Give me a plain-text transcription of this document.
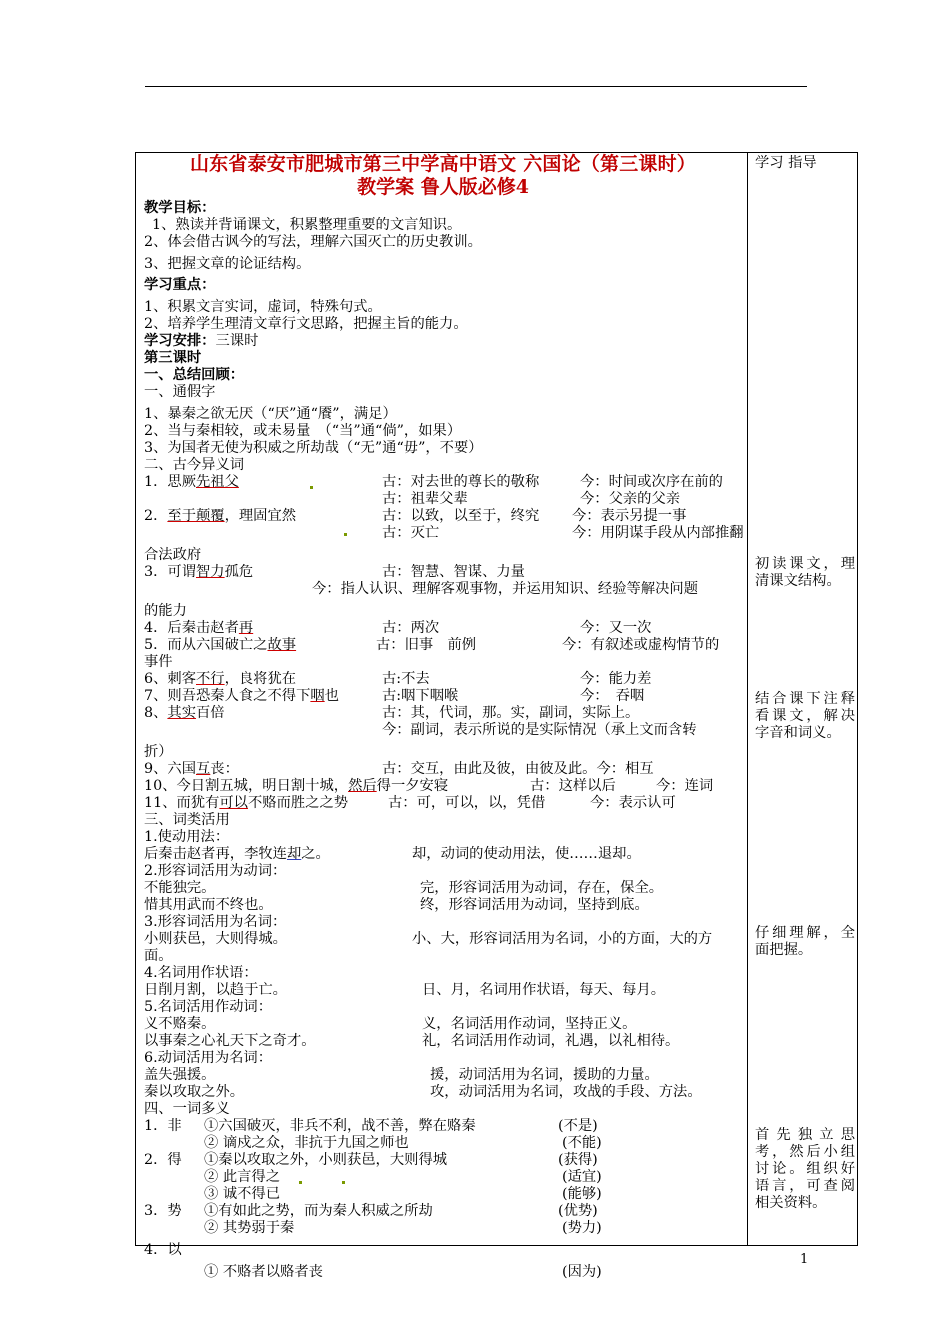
学习 指导
山东省泰安市肥城市第三中学高中语文 六国论（第三课时）
教学案 鲁人版必修4
教学目标：
1、熟读并背诵课文，积累整理重要的文言知识。
2、体会借古讽今的写法，理解六国灭亡的历史教训。
3、把握文章的论证结构。
学习重点：
1、积累文言实词，虚词，特殊句式。
2、培养学生理清文章行文思路，把握主旨的能力。
学习安排：三课时
第三课时
一、总结回顾：
一、通假字
1、暴秦之欲无厌（“厌”通“餍”，满足）
2、当与秦相较，或未易量　（“当”通“倘”，如果）
3、为国者无使为积威之所劫哉（“无”通“毋”，不要）
二、古今异义词
1．思厥先祖父	古：对去世的尊长的敬称	今：时间或次序在前的
古：祖辈父辈	今：父亲的父亲
2．至于颠覆，理固宜然	古：以致，以至于，终究 今：表示另提一事
古：灭亡	今：用阴谋手段从内部推翻
合法政府
3．可谓智力孤危	古：智慧、智谋、力量
今：指人认识、理解客观事物，并运用知识、经验等解决问题
的能力
4．后秦击赵者再	古：两次	今：又一次
5．而从六国破亡之故事	古：旧事　前例	今：有叙述或虚构情节的
事件
6、刺客不行，良将犹在	古:不去	今：能力差
7、则吾恐秦人食之不得下咽也	古:咽下咽喉	今：　吞咽
8、其实百倍	古：其，代词，那。实，副词，实际上。
今：副词，表示所说的是实际情况（承上文而含转
折）
9、六国互丧：	古：交互，由此及彼，由彼及此。今：相互
10、今日割五城，明日割十城，然后得一夕安寝	古：这样以后	今：连词
11、而犹有可以不赂而胜之之势	古：可，可以，以，凭借	今：表示认可
三、词类活用
1.使动用法：
后秦击赵者再，李牧连却之。	却，动词的使动用法，使……退却。
2.形容词活用为动词：
不能独完。	完，形容词活用为动词，存在，保全。
惜其用武而不终也。	终，形容词活用为动词，坚持到底。
3.形容词活用为名词：
小则获邑，大则得城。	小、大，形容词活用为名词，小的方面，大的方
面。
4.名词用作状语：
日削月割，以趋于亡。	日、月，名词用作状语，每天、每月。
5.名词活用作动词：
义不赂秦。	义，名词活用作动词，坚持正义。
以事秦之心礼天下之奇才。	礼，名词活用作动词，礼遇，以礼相待。
6.动词活用为名词：
盖失强援。	援，动词活用为名词，援助的力量。
秦以攻取之外。	攻，动词活用为名词，攻战的手段、方法。
四、一词多义
1．非 ①六国破灭，非兵不利，战不善，弊在赂秦	(不是)
② 谪戍之众，非抗于九国之师也	(不能)
2．得 ①秦以攻取之外，小则获邑，大则得城	(获得)
② 此言得之	(适宜)
③ 诚不得已	(能够)
3．势 ①有如此之势，而为秦人积威之所劫	(优势)
② 其势弱于秦	(势力)
4．以
① 不赂者以赂者丧	(因为)
初读课文，理清课文结构。
结合课下注释看课文，解决字音和词义。
仔细理解，全面把握。
首先独立思考，然后小组讨论。组织好语言，可查阅相关资料。
1
